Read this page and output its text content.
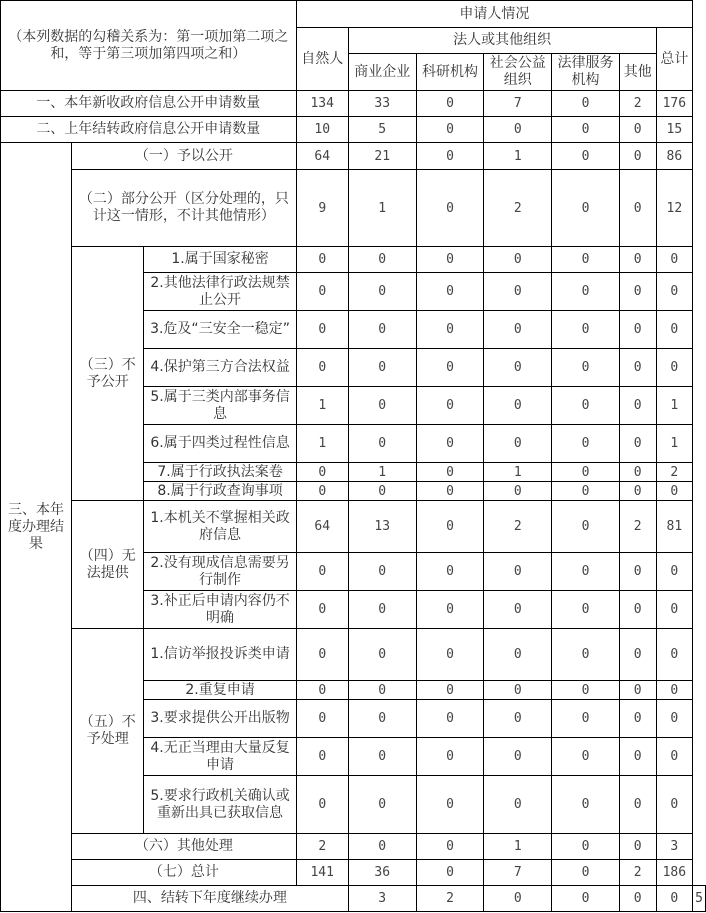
（本列数据的勾稽关系为：第一项加第二项之和，等于第三项加第四项之和）			申请人情况							
			自然人	法人或其他组织					总计	
				商业企业	科研机构	社会公益组织	法律服务机构	其他		
一、本年新收政府信息公开申请数量			134	33	0	7	0	2	176	
二、上年结转政府信息公开申请数量			10	5	0	0	0	0	15	
三、本年度办理结果	（一）予以公开		64	21	0	1	0	0	86	
	（二）部分公开（区分处理的，只计这一情形，不计其他情形）		9	1	0	2	0	0	12	
	（三）不予公开	1.属于国家秘密	0	0	0	0	0	0	0	
		2.其他法律行政法规禁止公开	0	0	0	0	0	0	0	
		3.危及“三安全一稳定”	0	0	0	0	0	0	0	
		4.保护第三方合法权益	0	0	0	0	0	0	0	
		5.属于三类内部事务信息	1	0	0	0	0	0	1	
		6.属于四类过程性信息	1	0	0	0	0	0	1	
		7.属于行政执法案卷	0	1	0	1	0	0	2	
		8.属于行政查询事项	0	0	0	0	0	0	0	
	（四）无法提供	1.本机关不掌握相关政府信息	64	13	0	2	0	2	81	
		2.没有现成信息需要另行制作	0	0	0	0	0	0	0	
		3.补正后申请内容仍不明确	0	0	0	0	0	0	0	
	（五）不予处理	1.信访举报投诉类申请	0	0	0	0	0	0	0	
		2.重复申请	0	0	0	0	0	0	0	
		3.要求提供公开出版物	0	0	0	0	0	0	0	
		4.无正当理由大量反复申请	0	0	0	0	0	0	0	
		5.要求行政机关确认或重新出具已获取信息	0	0	0	0	0	0	0	
	（六）其他处理		2	0	0	1	0	0	3	
	（七）总计		141	36	0	7	0	2	186	
	四、结转下年度继续办理			3	2	0	0	0	0	5
